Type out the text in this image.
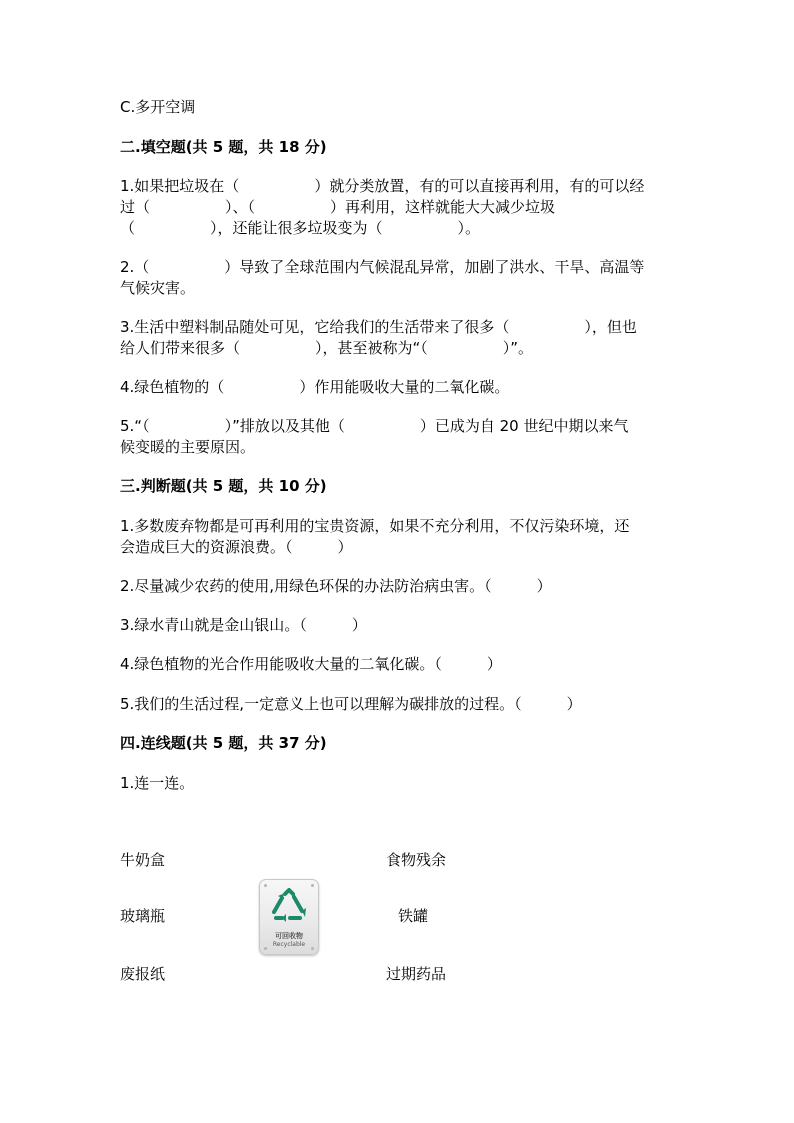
C.多开空调
二.填空题(共 5 题，共 18 分)
1.如果把垃圾在（　　　　　）就分类放置，有的可以直接再利用，有的可以经
过（　　　　　）、（　　　　　）再利用，这样就能大大减少垃圾
（　　　　　），还能让很多垃圾变为（　　　　　）。
2.（　　　　　）导致了全球范围内气候混乱异常，加剧了洪水、干旱、高温等
气候灾害。
3.生活中塑料制品随处可见，它给我们的生活带来了很多（　　　　　），但也
给人们带来很多（　　　　　），甚至被称为“（　　　　　）”。
4.绿色植物的（　　　　　）作用能吸收大量的二氧化碳。
5.“（　　　　　）”排放以及其他（　　　　　）已成为自 20 世纪中期以来气
候变暖的主要原因。
三.判断题(共 5 题，共 10 分)
1.多数废弃物都是可再利用的宝贵资源，如果不充分利用，不仅污染环境，还
会造成巨大的资源浪费。（　　　）
2.尽量减少农药的使用,用绿色环保的办法防治病虫害。（　　　）
3.绿水青山就是金山银山。（　　　）
4.绿色植物的光合作用能吸收大量的二氧化碳。（　　　）
5.我们的生活过程,一定意义上也可以理解为碳排放的过程。（　　　）
四.连线题(共 5 题，共 37 分)
1.连一连。
牛奶盒
玻璃瓶
废报纸
食物残余
铁罐
过期药品
可回收物
Recyclable
